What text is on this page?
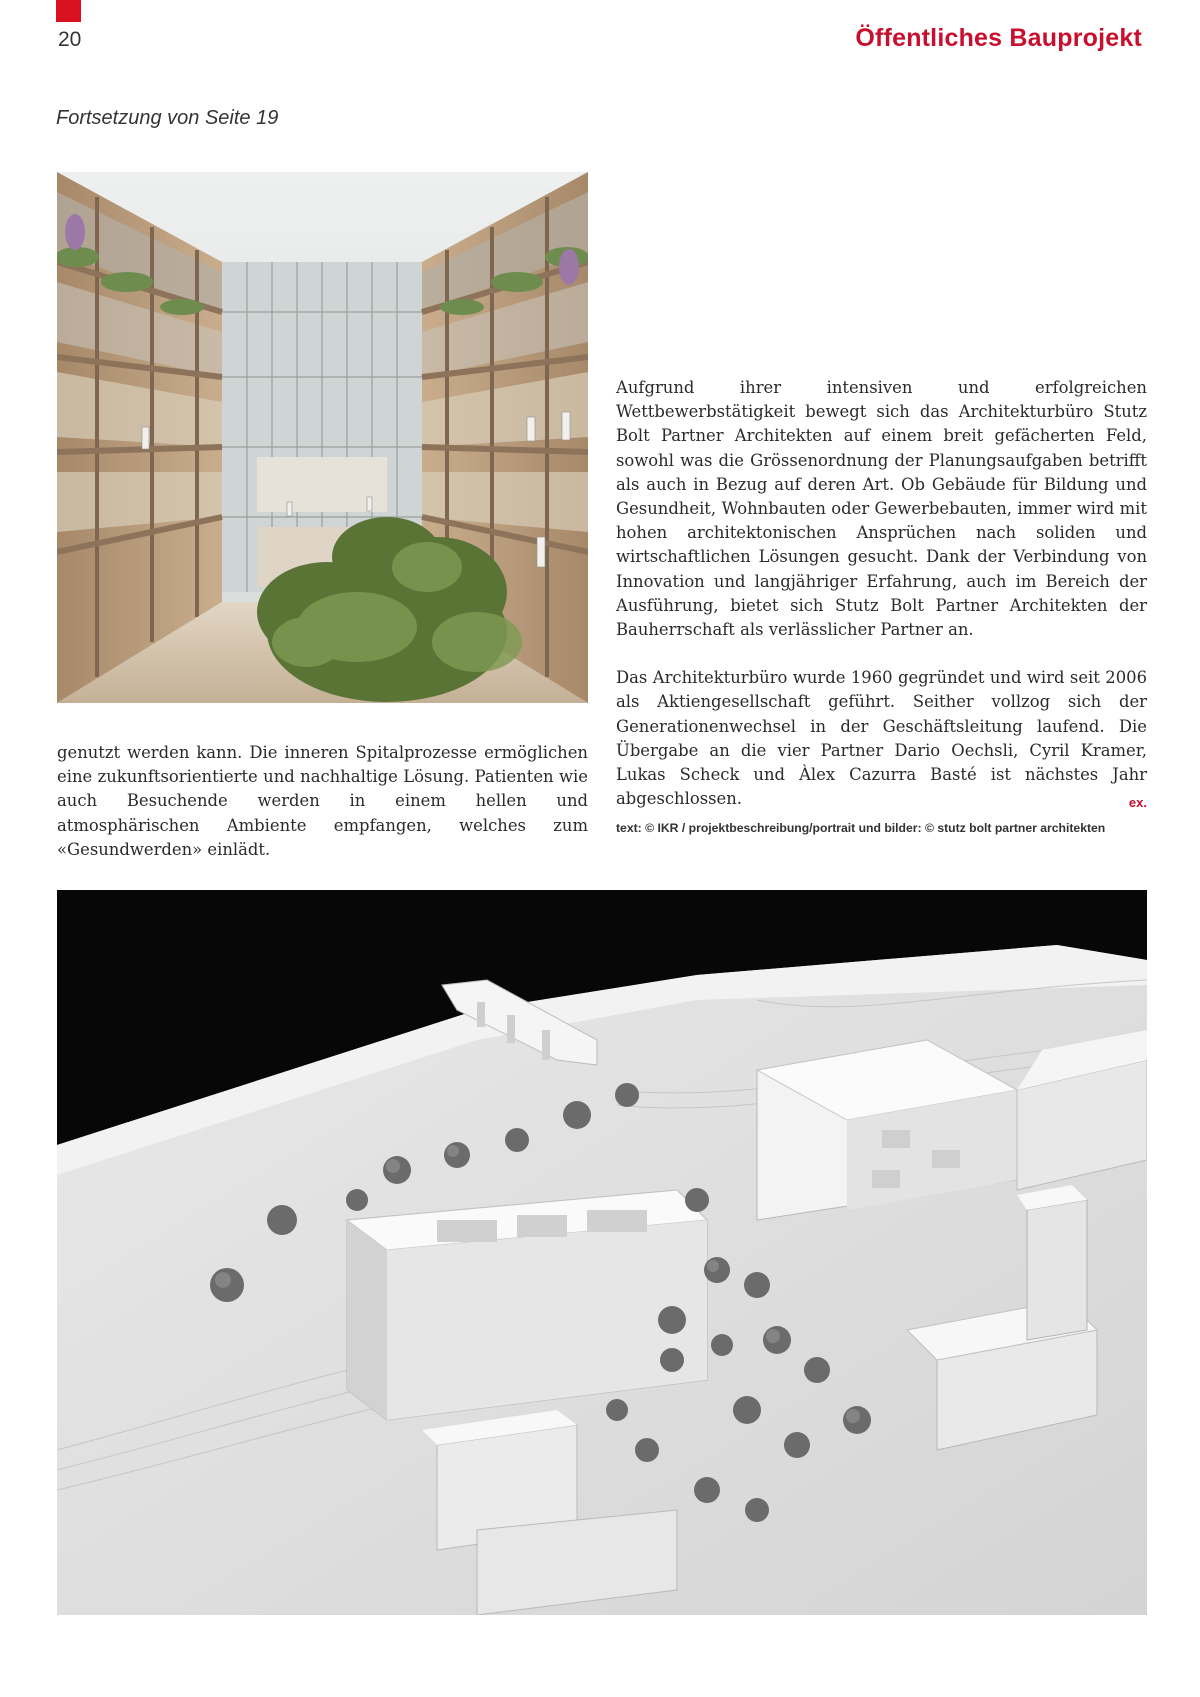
20	Öffentliches Bauprojekt
Fortsetzung von Seite 19

genutzt werden kann. Die inneren Spitalprozesse ermöglichen eine zukunftsorientierte und nachhaltige Lösung. Patienten wie auch Besuchende werden in einem hellen und atmosphärischen Ambiente empfangen, welches zum «Gesundwerden» einlädt.

Aufgrund ihrer intensiven und erfolgreichen Wettbewerbstätigkeit bewegt sich das Architekturbüro Stutz Bolt Partner Architekten auf einem breit gefächerten Feld, sowohl was die Grössenordnung der Planungsaufgaben betrifft als auch in Bezug auf deren Art. Ob Gebäude für Bildung und Gesundheit, Wohnbauten oder Gewerbebauten, immer wird mit hohen architektonischen Ansprüchen nach soliden und wirtschaftlichen Lösungen gesucht. Dank der Verbindung von Innovation und langjähriger Erfahrung, auch im Bereich der Ausführung, bietet sich Stutz Bolt Partner Architekten der Bauherrschaft als verlässlicher Partner an.

Das Architekturbüro wurde 1960 gegründet und wird seit 2006 als Aktiengesellschaft geführt. Seither vollzog sich der Generationenwechsel in der Geschäftsleitung laufend. Die Übergabe an die vier Partner Dario Oechsli, Cyril Kramer, Lukas Scheck und Àlex Cazurra Basté ist nächstes Jahr abgeschlossen.	ex.

text: © IKR / projektbeschreibung/portrait und bilder: © stutz bolt partner architekten
